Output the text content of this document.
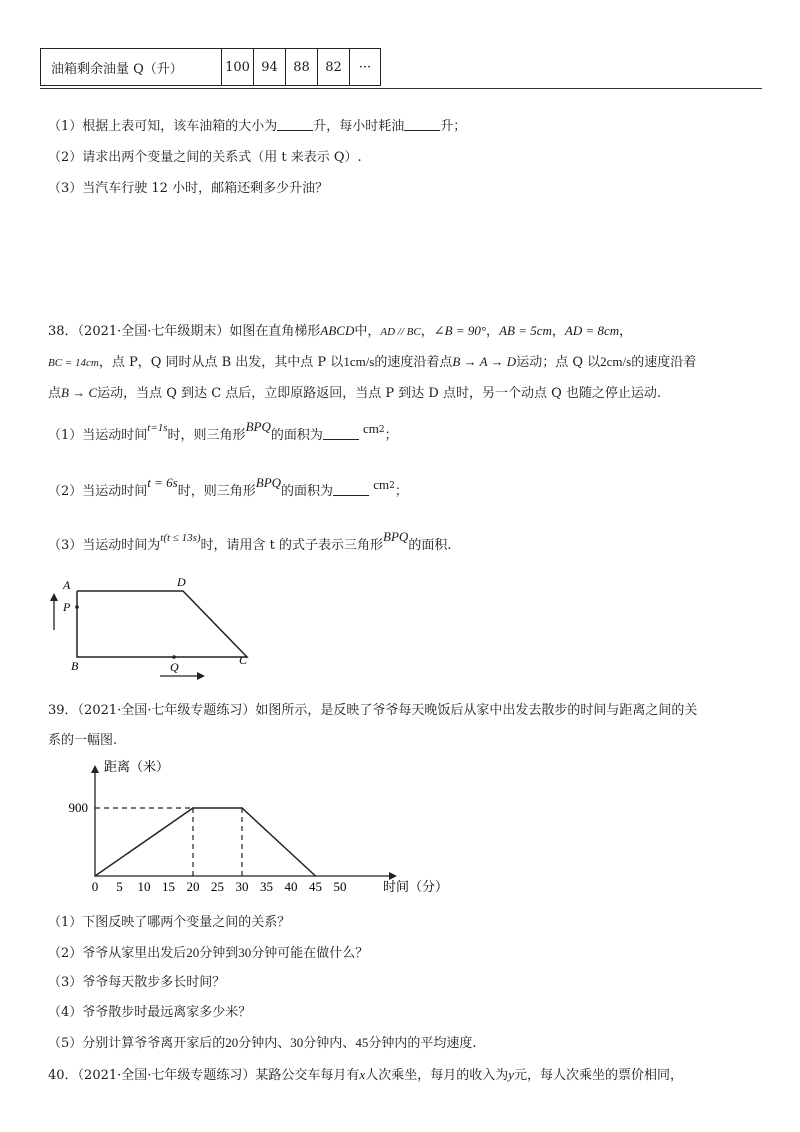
油箱剩余油量 Q（升）	100	94	88	82	···
（1）根据上表可知，该车油箱的大小为	升，每小时耗油	升；
（2）请求出两个变量之间的关系式（用 t 来表示 Q）.
（3）当汽车行驶 12 小时，邮箱还剩多少升油？
38．（2021·全国·七年级期末）如图在直角梯形ABCD中，AD // BC，∠B = 90°，AB = 5cm，AD = 8cm，
BC = 14cm，点 P，Q 同时从点 B 出发，其中点 P 以1cm/s的速度沿着点B → A → D运动；点 Q 以2cm/s的速度沿着
点B → C运动，当点 Q 到达 C 点后，立即原路返回，当点 P 到达 D 点时，另一个动点 Q 也随之停止运动.
（1）当运动时间$^{t=1s}$时，则三角形BPQ的面积为	$cm^2$；
（2）当运动时间t = 6s时，则三角形BPQ的面积为	$cm^2$；
（3）当运动时间为$^{t(t \le 13s)}$时，请用含 t 的式子表示三角形BPQ的面积.
A	D
P
B	Q	C
39．（2021·全国·七年级专题练习）如图所示，是反映了爷爷每天晚饭后从家中出发去散步的时间与距离之间的关
系的一幅图.
距离（米）
时间（分）
900
0 5 10 15 20 25 30 35 40 45 50
（1）下图反映了哪两个变量之间的关系？
（2）爷爷从家里出发后20分钟到30分钟可能在做什么？
（3）爷爷每天散步多长时间？
（4）爷爷散步时最远离家多少米？
（5）分别计算爷爷离开家后的20分钟内、30分钟内、45分钟内的平均速度.
40．（2021·全国·七年级专题练习）某路公交车每月有x人次乘坐，每月的收入为y元，每人次乘坐的票价相同，
